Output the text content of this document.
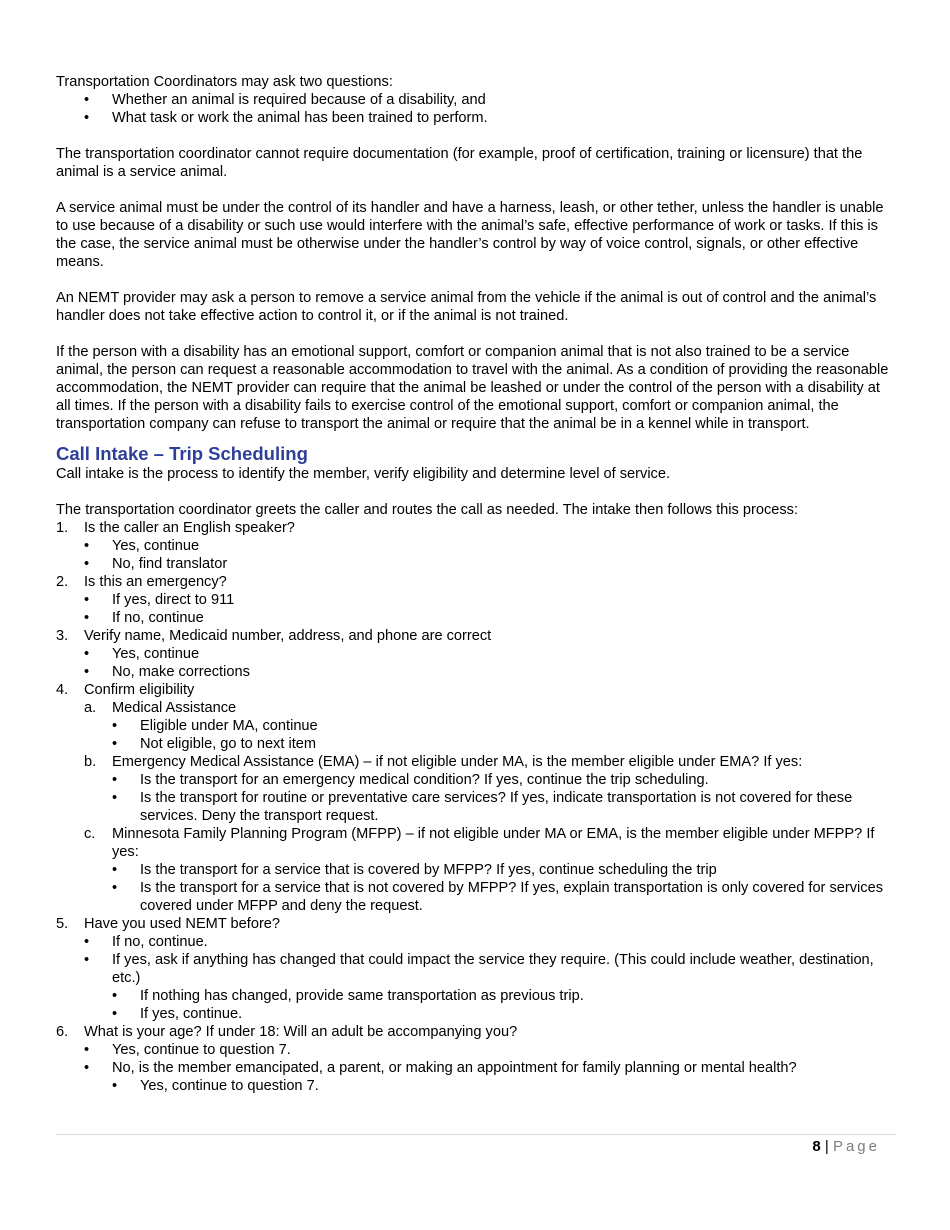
Transportation Coordinators may ask two questions:

• Whether an animal is required because of a disability, and
• What task or work the animal has been trained to perform.

The transportation coordinator cannot require documentation (for example, proof of certification, training or licensure) that the animal is a service animal.

A service animal must be under the control of its handler and have a harness, leash, or other tether, unless the handler is unable to use because of a disability or such use would interfere with the animal’s safe, effective performance of work or tasks. If this is the case, the service animal must be otherwise under the handler’s control by way of voice control, signals, or other effective means.

An NEMT provider may ask a person to remove a service animal from the vehicle if the animal is out of control and the animal’s handler does not take effective action to control it, or if the animal is not trained.

If the person with a disability has an emotional support, comfort or companion animal that is not also trained to be a service animal, the person can request a reasonable accommodation to travel with the animal. As a condition of providing the reasonable accommodation, the NEMT provider can require that the animal be leashed or under the control of the person with a disability at all times. If the person with a disability fails to exercise control of the emotional support, comfort or companion animal, the transportation company can refuse to transport the animal or require that the animal be in a kennel while in transport.

Call Intake – Trip Scheduling

Call intake is the process to identify the member, verify eligibility and determine level of service.

The transportation coordinator greets the caller and routes the call as needed. The intake then follows this process:

1. Is the caller an English speaker?
• Yes, continue
• No, find translator
2. Is this an emergency?
• If yes, direct to 911
• If no, continue
3. Verify name, Medicaid number, address, and phone are correct
• Yes, continue
• No, make corrections
4. Confirm eligibility
a. Medical Assistance
• Eligible under MA, continue
• Not eligible, go to next item
b. Emergency Medical Assistance (EMA) – if not eligible under MA, is the member eligible under EMA? If yes:
• Is the transport for an emergency medical condition? If yes, continue the trip scheduling.
• Is the transport for routine or preventative care services? If yes, indicate transportation is not covered for these services. Deny the transport request.
c. Minnesota Family Planning Program (MFPP) – if not eligible under MA or EMA, is the member eligible under MFPP? If yes:
• Is the transport for a service that is covered by MFPP? If yes, continue scheduling the trip
• Is the transport for a service that is not covered by MFPP? If yes, explain transportation is only covered for services covered under MFPP and deny the request.
5. Have you used NEMT before?
• If no, continue.
• If yes, ask if anything has changed that could impact the service they require. (This could include weather, destination, etc.)
• If nothing has changed, provide same transportation as previous trip.
• If yes, continue.
6. What is your age? If under 18: Will an adult be accompanying you?
• Yes, continue to question 7.
• No, is the member emancipated, a parent, or making an appointment for family planning or mental health?
• Yes, continue to question 7.
8 | Page
